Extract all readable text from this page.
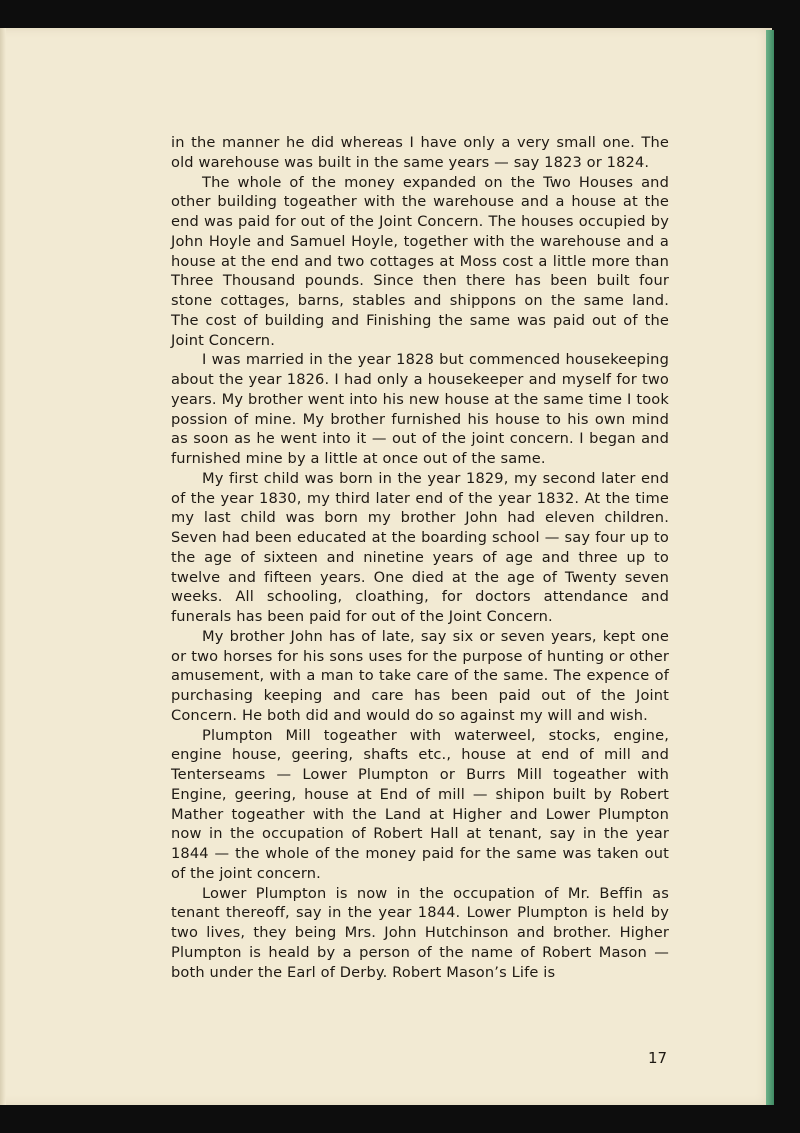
in the manner he did whereas I have only a very small one. The old warehouse was built in the same years — say 1823 or 1824.

The whole of the money expanded on the Two Houses and other building togeather with the warehouse and a house at the end was paid for out of the Joint Concern. The houses occupied by John Hoyle and Samuel Hoyle, together with the warehouse and a house at the end and two cottages at Moss cost a little more than Three Thousand pounds. Since then there has been built four stone cottages, barns, stables and shippons on the same land. The cost of building and Finishing the same was paid out of the Joint Concern.

I was married in the year 1828 but commenced housekeeping about the year 1826. I had only a housekeeper and myself for two years. My brother went into his new house at the same time I took possion of mine. My brother furnished his house to his own mind as soon as he went into it — out of the joint concern. I began and furnished mine by a little at once out of the same.

My first child was born in the year 1829, my second later end of the year 1830, my third later end of the year 1832. At the time my last child was born my brother John had eleven children. Seven had been educated at the boarding school — say four up to the age of sixteen and ninetine years of age and three up to twelve and fifteen years. One died at the age of Twenty seven weeks. All schooling, cloathing, for doctors attendance and funerals has been paid for out of the Joint Concern.

My brother John has of late, say six or seven years, kept one or two horses for his sons uses for the purpose of hunting or other amusement, with a man to take care of the same. The expence of purchasing keeping and care has been paid out of the Joint Concern. He both did and would do so against my will and wish.

Plumpton Mill togeather with waterweel, stocks, engine, engine house, geering, shafts etc., house at end of mill and Tenterseams — Lower Plumpton or Burrs Mill togeather with Engine, geering, house at End of mill — shipon built by Robert Mather togeather with the Land at Higher and Lower Plumpton now in the occupation of Robert Hall at tenant, say in the year 1844 — the whole of the money paid for the same was taken out of the joint concern.

Lower Plumpton is now in the occupation of Mr. Beffin as tenant thereoff, say in the year 1844. Lower Plumpton is held by two lives, they being Mrs. John Hutchinson and brother. Higher Plumpton is heald by a person of the name of Robert Mason — both under the Earl of Derby. Robert Mason’s Life is

17
